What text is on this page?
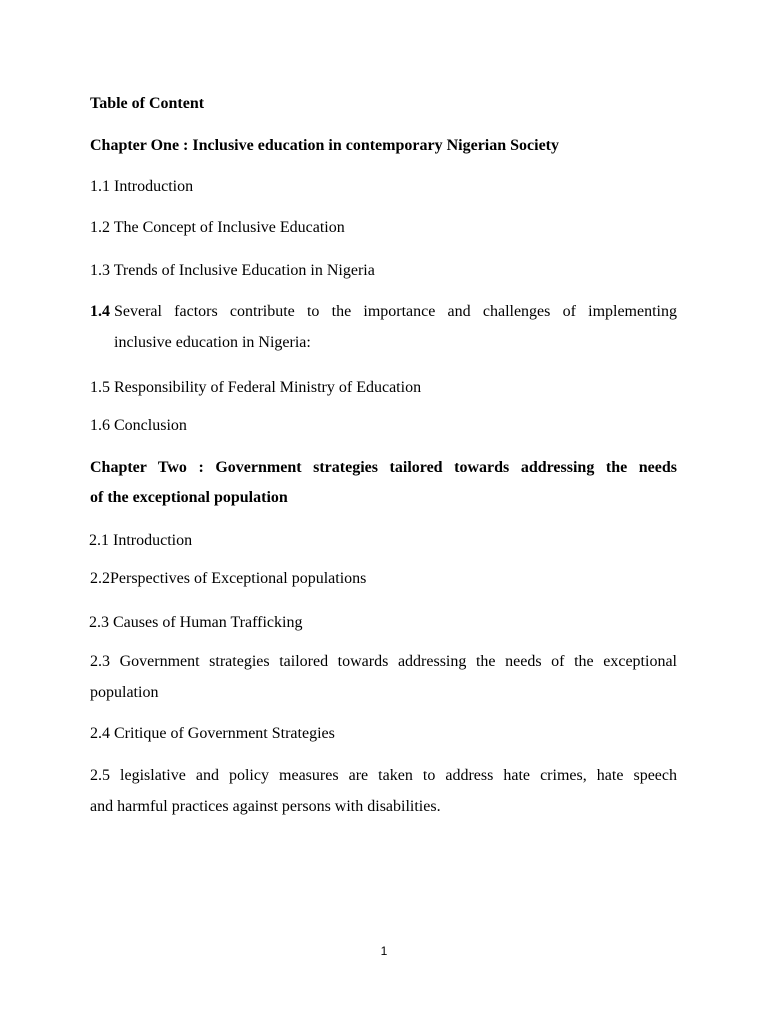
Table of Content
Chapter One : Inclusive education in contemporary Nigerian Society
1.1 Introduction
1.2 The Concept of Inclusive Education
1.3 Trends of Inclusive Education in Nigeria
1.4 Several factors contribute to the importance and challenges of implementing
inclusive education in Nigeria:
1.5 Responsibility of Federal Ministry of Education
1.6 Conclusion
Chapter Two : Government strategies tailored towards addressing the needs
of the exceptional population
2.1 Introduction
2.2Perspectives of Exceptional populations
2.3 Causes of Human Trafficking
2.3 Government strategies tailored towards addressing the needs of the exceptional
population
2.4 Critique of Government Strategies
2.5 legislative and policy measures are taken to address hate crimes, hate speech
and harmful practices against persons with disabilities.
1
